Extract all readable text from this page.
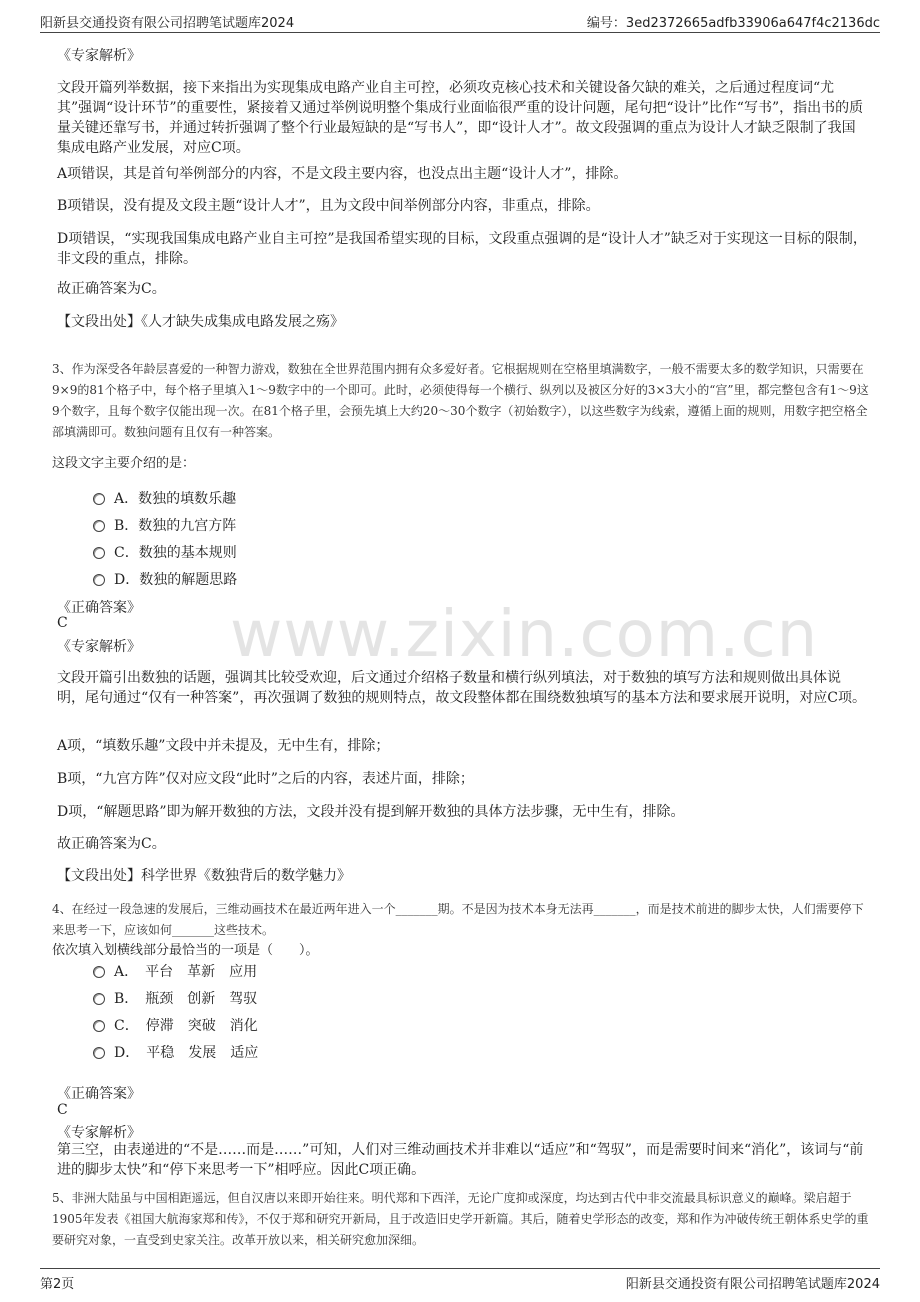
阳新县交通投资有限公司招聘笔试题库2024	编号：3ed2372665adfb33906a647f4c2136dc
www.zixin.com.cn
《专家解析》
文段开篇列举数据，接下来指出为实现集成电路产业自主可控，必须攻克核心技术和关键设备欠缺的难关，之后通过程度词“尤其”强调“设计环节”的重要性，紧接着又通过举例说明整个集成行业面临很严重的设计问题，尾句把“设计”比作“写书”，指出书的质量关键还靠写书，并通过转折强调了整个行业最短缺的是“写书人”，即“设计人才”。故文段强调的重点为设计人才缺乏限制了我国集成电路产业发展，对应C项。
A项错误，其是首句举例部分的内容，不是文段主要内容，也没点出主题“设计人才”，排除。
B项错误，没有提及文段主题“设计人才”，且为文段中间举例部分内容，非重点，排除。
D项错误，“实现我国集成电路产业自主可控”是我国希望实现的目标，文段重点强调的是“设计人才”缺乏对于实现这一目标的限制，非文段的重点，排除。
故正确答案为C。
【文段出处】《人才缺失成集成电路发展之殇》
3、作为深受各年龄层喜爱的一种智力游戏，数独在全世界范围内拥有众多爱好者。它根据规则在空格里填满数字，一般不需要太多的数学知识，只需要在9×9的81个格子中，每个格子里填入1～9数字中的一个即可。此时，必须使得每一个横行、纵列以及被区分好的3×3大小的“宫”里，都完整包含有1～9这9个数字，且每个数字仅能出现一次。在81个格子里，会预先填上大约20～30个数字（初始数字），以这些数字为线索，遵循上面的规则，用数字把空格全部填满即可。数独问题有且仅有一种答案。
这段文字主要介绍的是：
A．数独的填数乐趣
B．数独的九宫方阵
C．数独的基本规则
D．数独的解题思路
《正确答案》
C
《专家解析》
文段开篇引出数独的话题，强调其比较受欢迎，后文通过介绍格子数量和横行纵列填法，对于数独的填写方法和规则做出具体说明，尾句通过“仅有一种答案”，再次强调了数独的规则特点，故文段整体都在围绕数独填写的基本方法和要求展开说明，对应C项。
A项，“填数乐趣”文段中并未提及，无中生有，排除；
B项，“九宫方阵”仅对应文段“此时”之后的内容，表述片面，排除；
D项，“解题思路”即为解开数独的方法，文段并没有提到解开数独的具体方法步骤，无中生有，排除。
故正确答案为C。
【文段出处】科学世界《数独背后的数学魅力》
4、在经过一段急速的发展后，三维动画技术在最近两年进入一个_______期。不是因为技术本身无法再_______，而是技术前进的脚步太快，人们需要停下来思考一下，应该如何_______这些技术。
依次填入划横线部分最恰当的一项是（　　）。
A．　平台　革新　应用
B．　瓶颈　创新　驾驭
C．　停滞　突破　消化
D．　平稳　发展　适应
《正确答案》
C
《专家解析》
第三空，由表递进的“不是……而是……”可知，人们对三维动画技术并非难以“适应”和“驾驭”，而是需要时间来“消化”，该词与“前进的脚步太快”和“停下来思考一下”相呼应。因此C项正确。
5、非洲大陆虽与中国相距遥远，但自汉唐以来即开始往来。明代郑和下西洋，无论广度抑或深度，均达到古代中非交流最具标识意义的巅峰。梁启超于1905年发表《祖国大航海家郑和传》，不仅于郑和研究开新局，且于改造旧史学开新篇。其后，随着史学形态的改变，郑和作为冲破传统王朝体系史学的重要研究对象，一直受到史家关注。改革开放以来，相关研究愈加深细。
第2页	阳新县交通投资有限公司招聘笔试题库2024
